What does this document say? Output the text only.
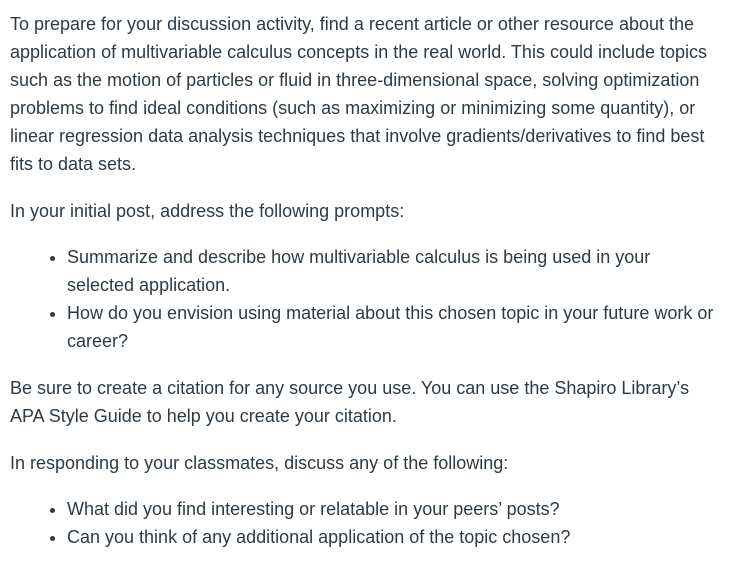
To prepare for your discussion activity, find a recent article or other resource about the application of multivariable calculus concepts in the real world. This could include topics such as the motion of particles or fluid in three-dimensional space, solving optimization problems to find ideal conditions (such as maximizing or minimizing some quantity), or linear regression data analysis techniques that involve gradients/derivatives to find best fits to data sets.

In your initial post, address the following prompts:

• Summarize and describe how multivariable calculus is being used in your selected application.
• How do you envision using material about this chosen topic in your future work or career?

Be sure to create a citation for any source you use. You can use the Shapiro Library’s APA Style Guide to help you create your citation.

In responding to your classmates, discuss any of the following:

• What did you find interesting or relatable in your peers’ posts?
• Can you think of any additional application of the topic chosen?
